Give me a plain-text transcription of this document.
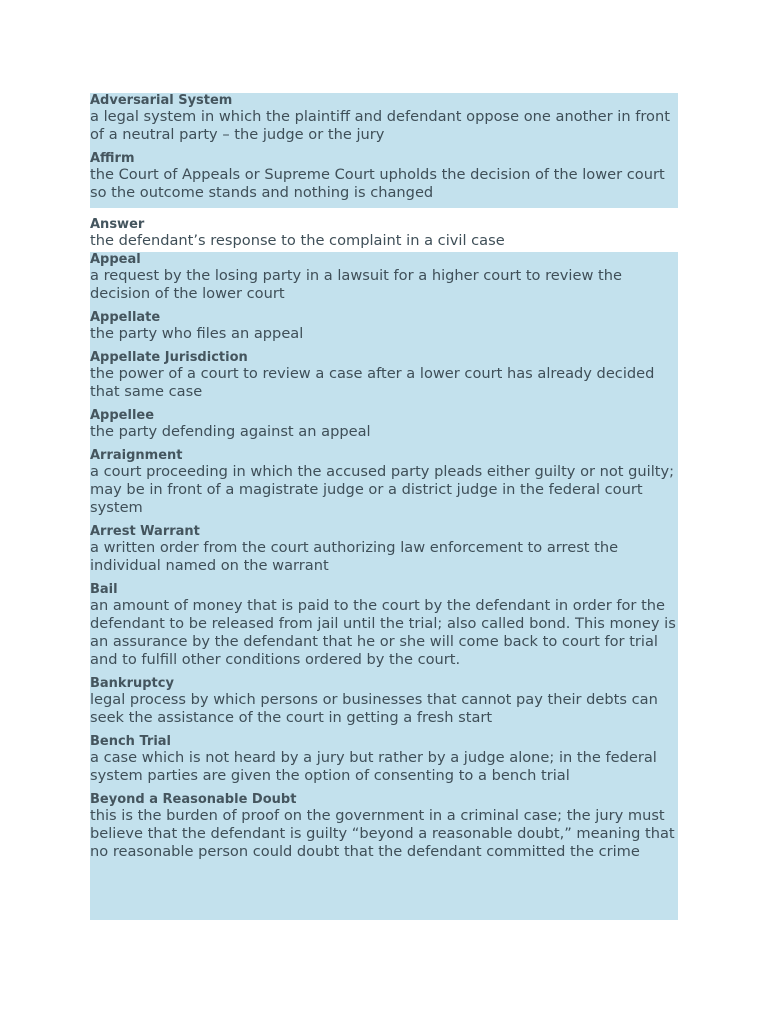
Adversarial System
a legal system in which the plaintiff and defendant oppose one another in front of a neutral party – the judge or the jury
Affirm
the Court of Appeals or Supreme Court upholds the decision of the lower court so the outcome stands and nothing is changed
Answer
the defendant’s response to the complaint in a civil case
Appeal
a request by the losing party in a lawsuit for a higher court to review the decision of the lower court
Appellate
the party who files an appeal
Appellate Jurisdiction
the power of a court to review a case after a lower court has already decided that same case
Appellee
the party defending against an appeal
Arraignment
a court proceeding in which the accused party pleads either guilty or not guilty; may be in front of a magistrate judge or a district judge in the federal court system
Arrest Warrant
a written order from the court authorizing law enforcement to arrest the individual named on the warrant
Bail
an amount of money that is paid to the court by the defendant in order for the defendant to be released from jail until the trial; also called bond. This money is an assurance by the defendant that he or she will come back to court for trial and to fulfill other conditions ordered by the court.
Bankruptcy
legal process by which persons or businesses that cannot pay their debts can seek the assistance of the court in getting a fresh start
Bench Trial
a case which is not heard by a jury but rather by a judge alone; in the federal system parties are given the option of consenting to a bench trial
Beyond a Reasonable Doubt
this is the burden of proof on the government in a criminal case; the jury must believe that the defendant is guilty “beyond a reasonable doubt,” meaning that no reasonable person could doubt that the defendant committed the crime
